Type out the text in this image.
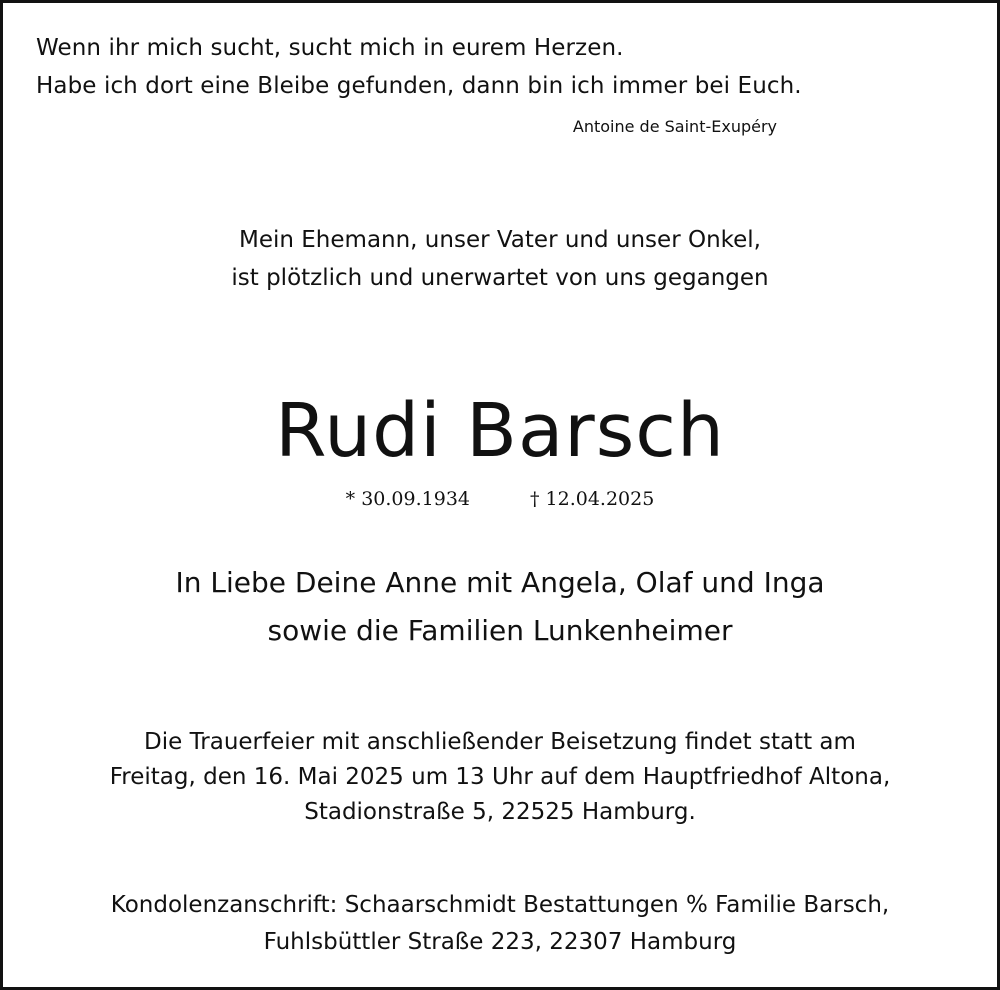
Wenn ihr mich sucht, sucht mich in eurem Herzen.
Habe ich dort eine Bleibe gefunden, dann bin ich immer bei Euch.
Antoine de Saint-Exupéry
Mein Ehemann, unser Vater und unser Onkel,
ist plötzlich und unerwartet von uns gegangen
Rudi Barsch
* 30.09.1934	† 12.04.2025
In Liebe Deine Anne mit Angela, Olaf und Inga
sowie die Familien Lunkenheimer
Die Trauerfeier mit anschließender Beisetzung findet statt am
Freitag, den 16. Mai 2025 um 13 Uhr auf dem Hauptfriedhof Altona,
Stadionstraße 5, 22525 Hamburg.
Kondolenzanschrift: Schaarschmidt Bestattungen % Familie Barsch,
Fuhlsbüttler Straße 223, 22307 Hamburg
